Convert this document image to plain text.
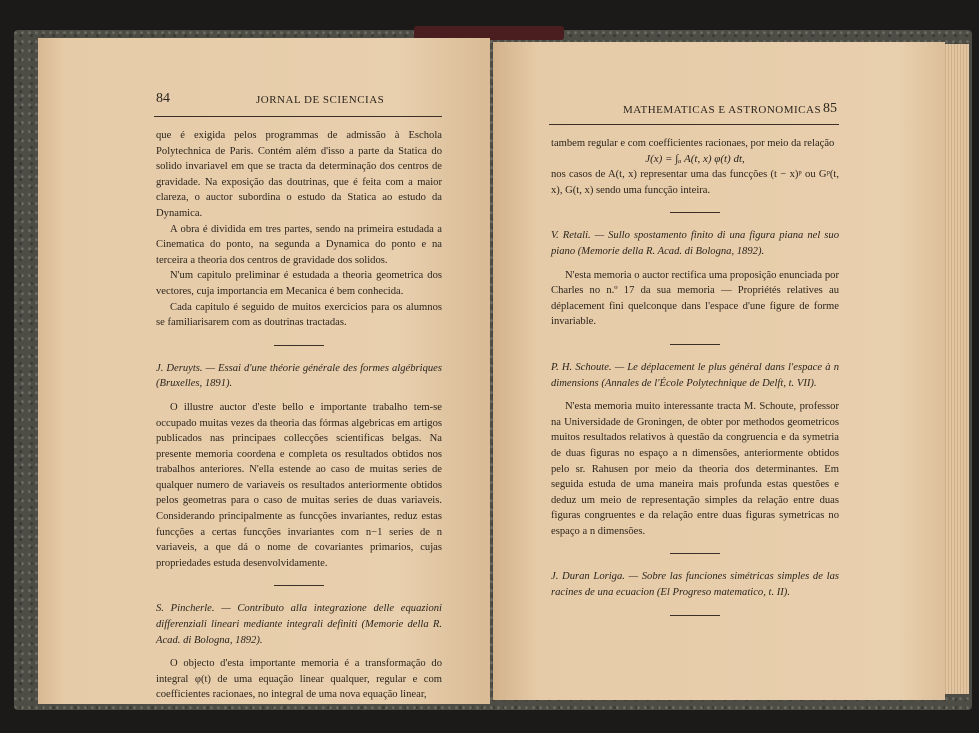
84	JORNAL DE SCIENCIAS

que é exigida pelos programmas de admissão à Eschola Polytechnica de Paris. Contém além d'isso a parte da Statica do solido invariavel em que se tracta da determinação dos centros de gravidade. Na exposição das doutrinas, que é feita com a maior clareza, o auctor subordina o estudo da Statica ao estudo da Dynamica.

A obra é dividida em tres partes, sendo na primeira estudada a Cinematica do ponto, na segunda a Dynamica do ponto e na terceira a theoria dos centros de gravidade dos solidos.

N'um capitulo preliminar é estudada a theoria geometrica dos vectores, cuja importancia em Mecanica é bem conhecida.

Cada capitulo é seguido de muitos exercicios para os alumnos se familiarisarem com as doutrinas tractadas.

J. Deruyts. — Essai d'une théorie générale des formes algébriques (Bruxelles, 1891).

O illustre auctor d'este bello e importante trabalho tem-se occupado muitas vezes da theoria das fórmas algebricas em artigos publicados nas principaes collecções scientificas belgas. Na presente memoria coordena e completa os resultados obtidos nos trabalhos anteriores. N'ella estende ao caso de muitas series de qualquer numero de variaveis os resultados anteriormente obtidos pelos geometras para o caso de muitas series de duas variaveis. Considerando principalmente as funcções invariantes, reduz estas funcções a certas funcções invariantes com n−1 series de n variaveis, a que dá o nome de covariantes primarios, cujas propriedades estuda desenvolvidamente.

S. Pincherle. — Contributo alla integrazione delle equazioni differenziali lineari mediante integrali definiti (Memorie della R. Acad. di Bologna, 1892).

O objecto d'esta importante memoria é a transformação do integral φ(t) de uma equação linear qualquer, regular e com coefficientes racionaes, no integral de uma nova equação linear,

MATHEMATICAS E ASTRONOMICAS 85

tambem regular e com coefficientes racionaes, por meio da relação

J(x) = ∫ₐ A(t, x) φ(t) dt,

nos casos de A(t, x) representar uma das funcções (t − x)ᵖ ou Gᵖ(t, x), G(t, x) sendo uma funcção inteira.

V. Retali. — Sullo spostamento finito di una figura piana nel suo piano (Memorie della R. Acad. di Bologna, 1892).

N'esta memoria o auctor rectifica uma proposição enunciada por Charles no n.º 17 da sua memoria — Propriétés relatives au déplacement fini quelconque dans l'espace d'une figure de forme invariable.

P. H. Schoute. — Le déplacement le plus général dans l'espace à n dimensions (Annales de l'École Polytechnique de Delft, t. VII).

N'esta memoria muito interessante tracta M. Schoute, professor na Universidade de Groningen, de obter por methodos geometricos muitos resultados relativos à questão da congruencia e da symetria de duas figuras no espaço a n dimensões, anteriormente obtidos pelo sr. Rahusen por meio da theoria dos determinantes. Em seguida estuda de uma maneira mais profunda estas questões e deduz um meio de representação simples da relação entre duas figuras congruentes e da relação entre duas figuras symetricas no espaço a n dimensões.

J. Duran Loriga. — Sobre las funciones simétricas simples de las racines de una ecuacion (El Progreso matematico, t. II).
